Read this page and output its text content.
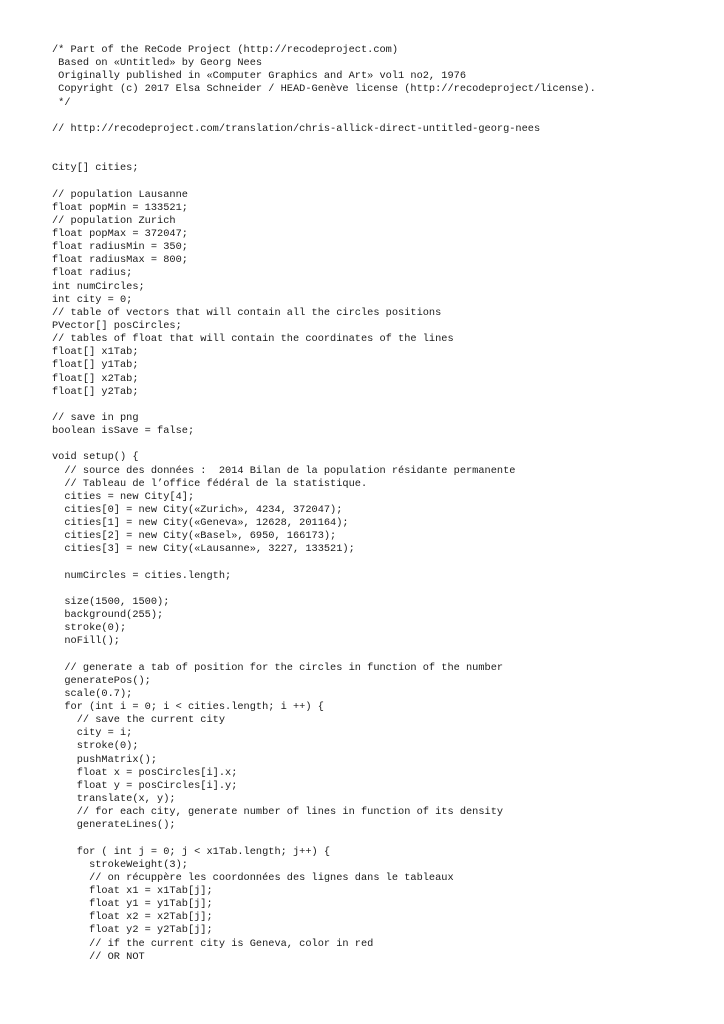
/* Part of the ReCode Project (http://recodeproject.com)
Based on «Untitled» by Georg Nees
Originally published in «Computer Graphics and Art» vol1 no2, 1976
Copyright (c) 2017 Elsa Schneider / HEAD-Genève license (http://recodeproject/license).
*/
// http://recodeproject.com/translation/chris-allick-direct-untitled-georg-nees
City[] cities;
// population Lausanne
float popMin = 133521;
// population Zurich
float popMax = 372047;
float radiusMin = 350;
float radiusMax = 800;
float radius;
int numCircles;
int city = 0;
// table of vectors that will contain all the circles positions
PVector[] posCircles;
// tables of float that will contain the coordinates of the lines
float[] x1Tab;
float[] y1Tab;
float[] x2Tab;
float[] y2Tab;
// save in png
boolean isSave = false;
void setup() {
// source des données :  2014 Bilan de la population résidante permanente
// Tableau de l’office fédéral de la statistique.
cities = new City[4];
cities[0] = new City(«Zurich», 4234, 372047);
cities[1] = new City(«Geneva», 12628, 201164);
cities[2] = new City(«Basel», 6950, 166173);
cities[3] = new City(«Lausanne», 3227, 133521);
numCircles = cities.length;
size(1500, 1500);
background(255);
stroke(0);
noFill();
// generate a tab of position for the circles in function of the number
generatePos();
scale(0.7);
for (int i = 0; i < cities.length; i ++) {
// save the current city
city = i;
stroke(0);
pushMatrix();
float x = posCircles[i].x;
float y = posCircles[i].y;
translate(x, y);
// for each city, generate number of lines in function of its density
generateLines();
for ( int j = 0; j < x1Tab.length; j++) {
strokeWeight(3);
// on récuppère les coordonnées des lignes dans le tableaux
float x1 = x1Tab[j];
float y1 = y1Tab[j];
float x2 = x2Tab[j];
float y2 = y2Tab[j];
// if the current city is Geneva, color in red
// OR NOT
